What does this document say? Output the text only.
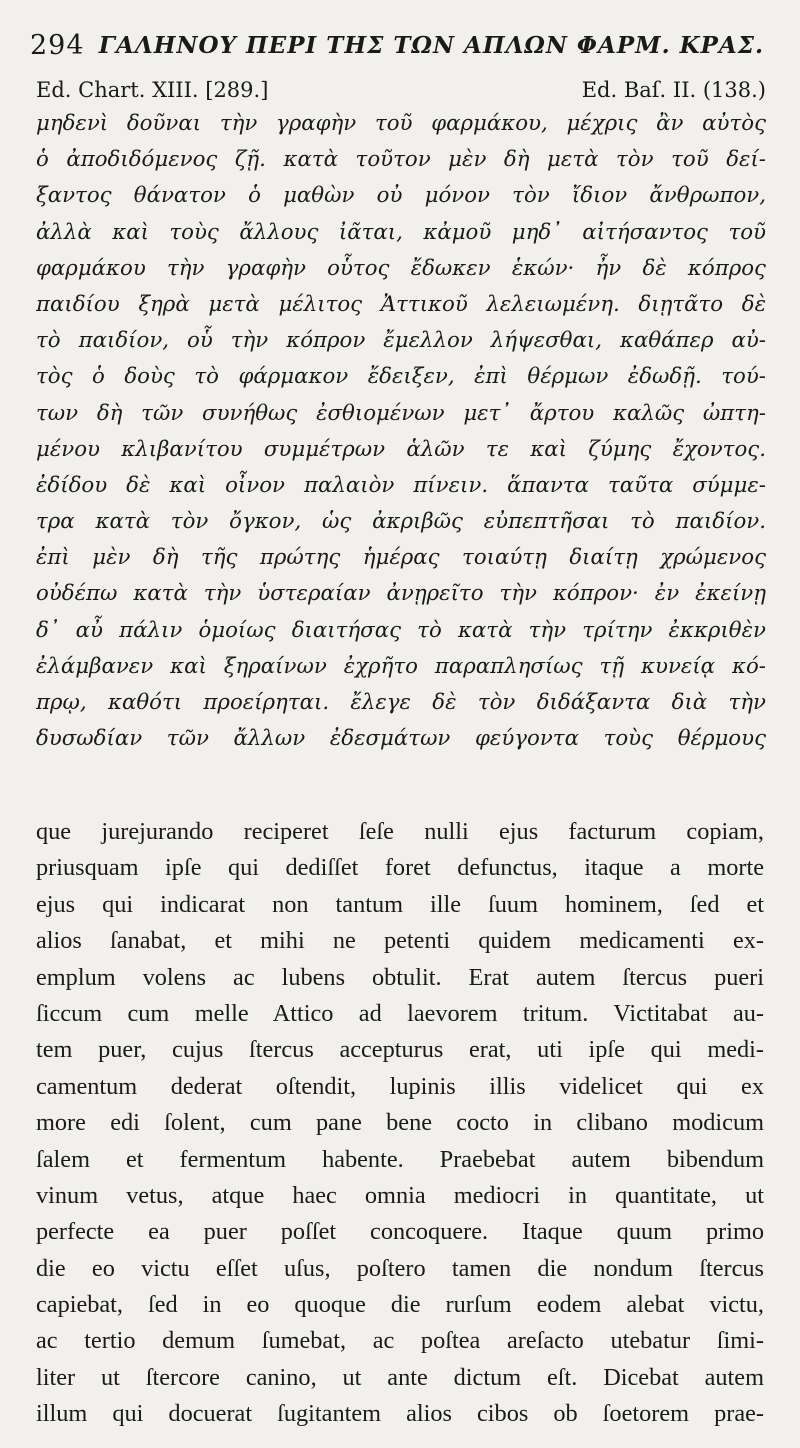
294 ΓΑΛΗΝΟΥ ΠΕΡΙ ΤΗΣ ΤΩΝ ΑΠΛΩΝ ΦΑΡΜ. ΚΡΑΣ.
Ed. Chart. XIII. [289.]	Ed. Baſ. II. (138.)
μηδενὶ δοῦναι τὴν γραφὴν τοῦ φαρμάκου, μέχρις ἂν αὐτὸς
ὁ ἀποδιδόμενος ζῇ. κατὰ τοῦτον μὲν δὴ μετὰ τὸν τοῦ δεί-
ξαντος θάνατον ὁ μαθὼν οὐ μόνον τὸν ἴδιον ἄνθρωπον,
ἀλλὰ καὶ τοὺς ἄλλους ἰᾶται, κἀμοῦ μηδ᾽ αἰτήσαντος τοῦ
φαρμάκου τὴν γραφὴν οὗτος ἔδωκεν ἑκών· ἦν δὲ κόπρος
παιδίου ξηρὰ μετὰ μέλιτος Ἀττικοῦ λελειωμένη. διῃτᾶτο δὲ
τὸ παιδίον, οὗ τὴν κόπρον ἔμελλον λήψεσθαι, καθάπερ αὐ-
τὸς ὁ δοὺς τὸ φάρμακον ἔδειξεν, ἐπὶ θέρμων ἐδωδῇ. τού-
των δὴ τῶν συνήθως ἐσθιομένων μετ᾽ ἄρτου καλῶς ὠπτη-
μένου κλιβανίτου συμμέτρων ἁλῶν τε καὶ ζύμης ἔχοντος.
ἐδίδου δὲ καὶ οἶνον παλαιὸν πίνειν. ἅπαντα ταῦτα σύμμε-
τρα κατὰ τὸν ὄγκον, ὡς ἀκριβῶς εὐπεπτῆσαι τὸ παιδίον.
ἐπὶ μὲν δὴ τῆς πρώτης ἡμέρας τοιαύτῃ διαίτῃ χρώμενος
οὐδέπω κατὰ τὴν ὑστεραίαν ἀνῃρεῖτο τὴν κόπρον· ἐν ἐκείνῃ
δ᾽ αὖ πάλιν ὁμοίως διαιτήσας τὸ κατὰ τὴν τρίτην ἐκκριθὲν
ἐλάμβανεν καὶ ξηραίνων ἐχρῆτο παραπλησίως τῇ κυνείᾳ κό-
πρῳ, καθότι προείρηται. ἔλεγε δὲ τὸν διδάξαντα διὰ τὴν
δυσωδίαν τῶν ἄλλων ἐδεσμάτων φεύγοντα τοὺς θέρμους
que jurejurando reciperet ſeſe nulli ejus facturum copiam,
priusquam ipſe qui dediſſet foret defunctus, itaque a morte
ejus qui indicarat non tantum ille ſuum hominem, ſed et
alios ſanabat, et mihi ne petenti quidem medicamenti ex-
emplum volens ac lubens obtulit. Erat autem ſtercus pueri
ſiccum cum melle Attico ad laevorem tritum. Victitabat au-
tem puer, cujus ſtercus accepturus erat, uti ipſe qui medi-
camentum dederat oſtendit, lupinis illis videlicet qui ex
more edi ſolent, cum pane bene cocto in clibano modicum
ſalem et fermentum habente. Praebebat autem bibendum
vinum vetus, atque haec omnia mediocri in quantitate, ut
perfecte ea puer poſſet concoquere. Itaque quum primo
die eo victu eſſet uſus, poſtero tamen die nondum ſtercus
capiebat, ſed in eo quoque die rurſum eodem alebat victu,
ac tertio demum ſumebat, ac poſtea areſacto utebatur ſimi-
liter ut ſtercore canino, ut ante dictum eſt. Dicebat autem
illum qui docuerat ſugitantem alios cibos ob ſoetorem prae-
